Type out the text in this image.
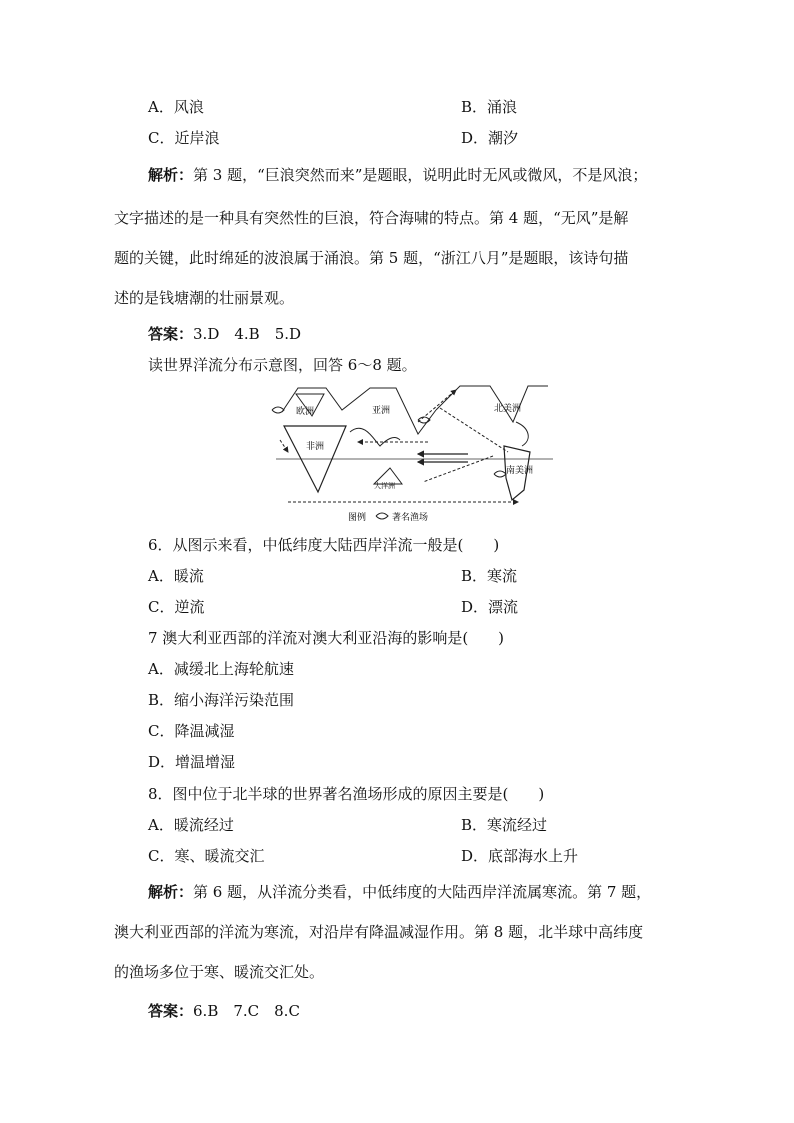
A．风浪	B．涌浪
C．近岸浪	D．潮汐
解析：第 3 题，“巨浪突然而来”是题眼，说明此时无风或微风，不是风浪；
文字描述的是一种具有突然性的巨浪，符合海啸的特点。第 4 题，“无风”是解
题的关键，此时绵延的波浪属于涌浪。第 5 题，“浙江八月”是题眼，该诗句描
述的是钱塘潮的壮丽景观。
答案：3.D　4.B　5.D
读世界洋流分布示意图，回答 6～8 题。
欧洲	亚洲	北美洲
非洲
南美洲
大洋洲
图例	著名渔场
6．从图示来看，中低纬度大陆西岸洋流一般是(　　)
A．暖流	B．寒流
C．逆流	D．漂流
7 澳大利亚西部的洋流对澳大利亚沿海的影响是(　　)
A．减缓北上海轮航速
B．缩小海洋污染范围
C．降温减湿
D．增温增湿
8．图中位于北半球的世界著名渔场形成的原因主要是(　　)
A．暖流经过	B．寒流经过
C．寒、暖流交汇	D．底部海水上升
解析：第 6 题，从洋流分类看，中低纬度的大陆西岸洋流属寒流。第 7 题，
澳大利亚西部的洋流为寒流，对沿岸有降温减湿作用。第 8 题，北半球中高纬度
的渔场多位于寒、暖流交汇处。
答案：6.B　7.C　8.C
